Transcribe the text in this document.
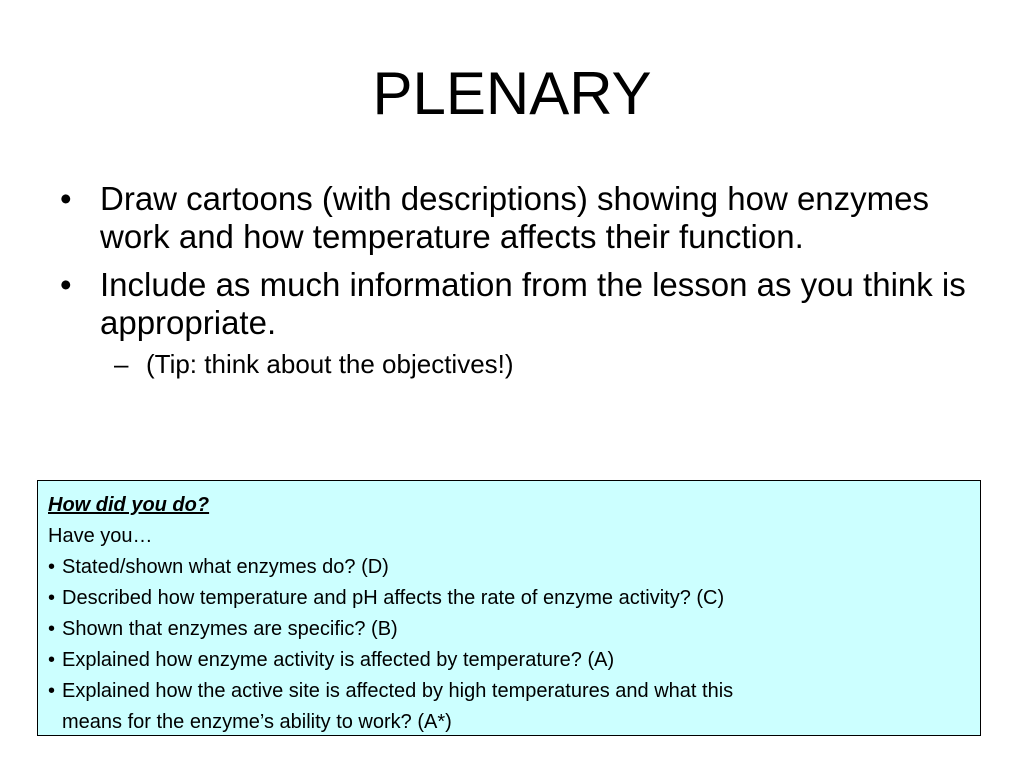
PLENARY
• Draw cartoons (with descriptions) showing how enzymes work and how temperature affects their function.
• Include as much information from the lesson as you think is appropriate.
– (Tip: think about the objectives!)
How did you do?
Have you…
• Stated/shown what enzymes do? (D)
• Described how temperature and pH affects the rate of enzyme activity? (C)
• Shown that enzymes are specific? (B)
• Explained how enzyme activity is affected by temperature? (A)
• Explained how the active site is affected by high temperatures and what this
means for the enzyme’s ability to work? (A*)
